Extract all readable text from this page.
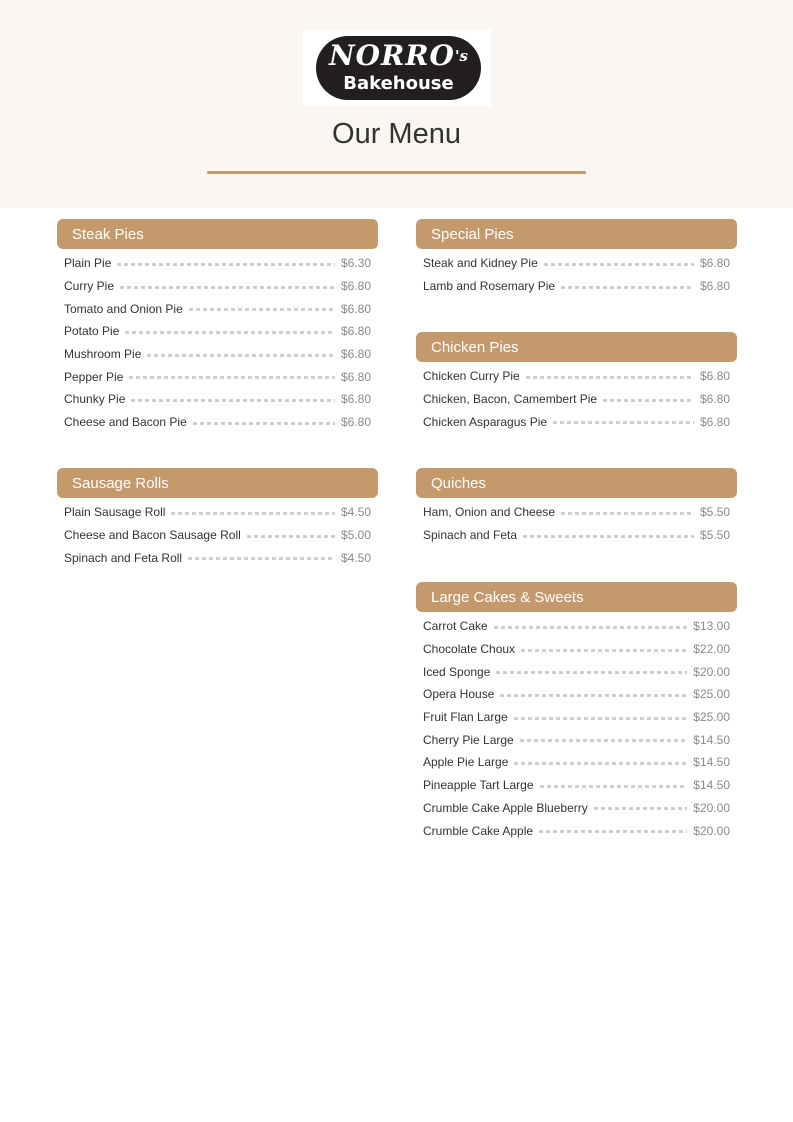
$NORRO^{'s}$
Bakehouse
Our Menu
Steak Pies
Plain Pie	$6.30
Curry Pie	$6.80
Tomato and Onion Pie	$6.80
Potato Pie	$6.80
Mushroom Pie	$6.80
Pepper Pie	$6.80
Chunky Pie	$6.80
Cheese and Bacon Pie	$6.80
Special Pies
Steak and Kidney Pie	$6.80
Lamb and Rosemary Pie	$6.80
Chicken Pies
Chicken Curry Pie	$6.80
Chicken, Bacon, Camembert Pie	$6.80
Chicken Asparagus Pie	$6.80
Sausage Rolls
Plain Sausage Roll	$4.50
Cheese and Bacon Sausage Roll	$5.00
Spinach and Feta Roll	$4.50
Quiches
Ham, Onion and Cheese	$5.50
Spinach and Feta	$5.50
Large Cakes & Sweets
Carrot Cake	$13.00
Chocolate Choux	$22.00
Iced Sponge	$20.00
Opera House	$25.00
Fruit Flan Large	$25.00
Cherry Pie Large	$14.50
Apple Pie Large	$14.50
Pineapple Tart Large	$14.50
Crumble Cake Apple Blueberry	$20.00
Crumble Cake Apple	$20.00
